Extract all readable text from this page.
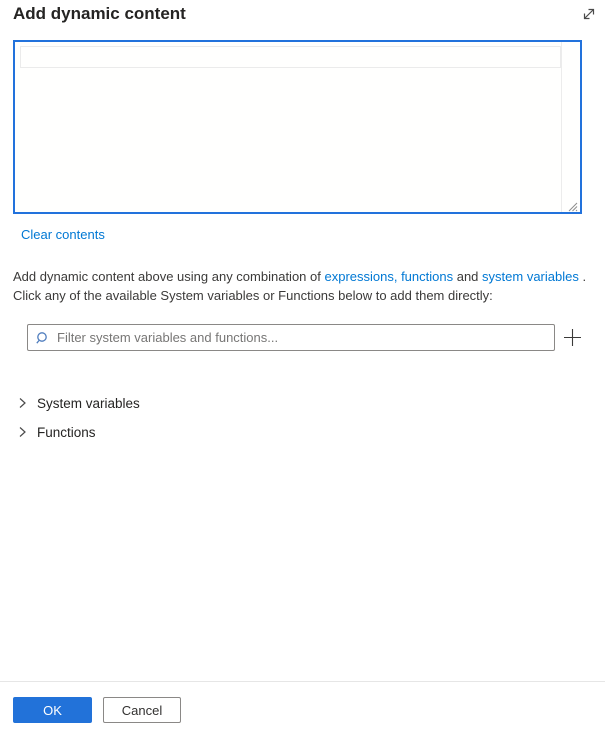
Add dynamic content
Clear contents
Add dynamic content above using any combination of expressions, functions and system variables .
Click any of the available System variables or Functions below to add them directly:
Filter system variables and functions...
System variables
Functions
OK	Cancel
